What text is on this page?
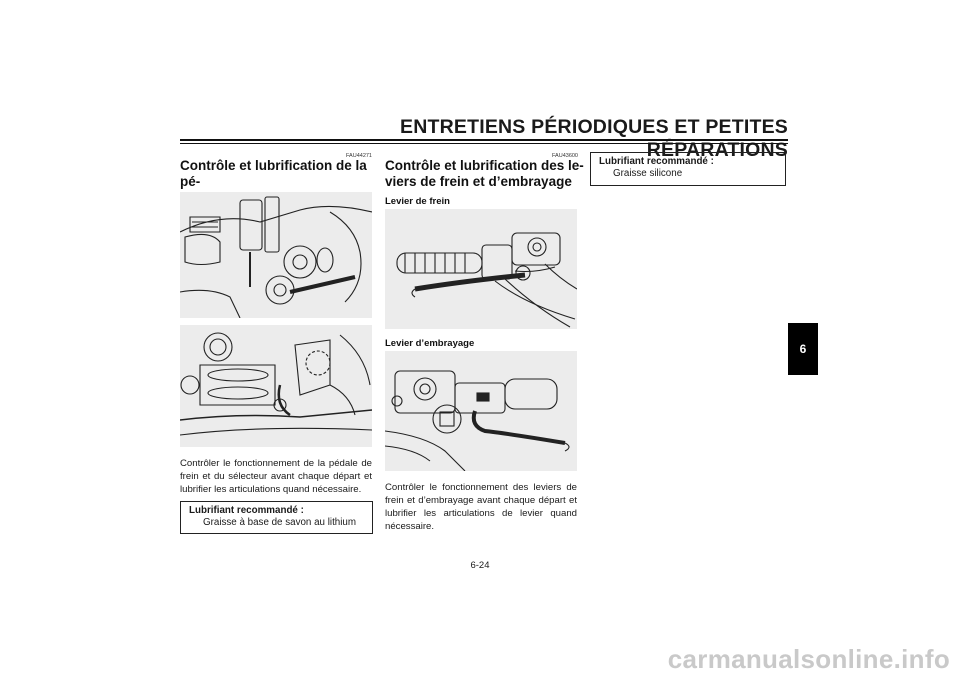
ENTRETIENS PÉRIODIQUES ET PETITES RÉPARATIONS
6
FAU44271
Contrôle et lubrification de la pé-
Contrôler le fonctionnement de la pédale de frein et du sélecteur avant chaque départ et lubrifier les articulations quand nécessaire.
Lubrifiant recommandé :
Graisse à base de savon au lithium
FAU43600
Contrôle et lubrification des le-
viers de frein et d’embrayage
Levier de frein
Levier d’embrayage
Contrôler le fonctionnement des leviers de frein et d’embrayage avant chaque départ et lubrifier les articulations de levier quand nécessaire.
Lubrifiant recommandé :
Graisse silicone
6-24
carmanualsonline.info
